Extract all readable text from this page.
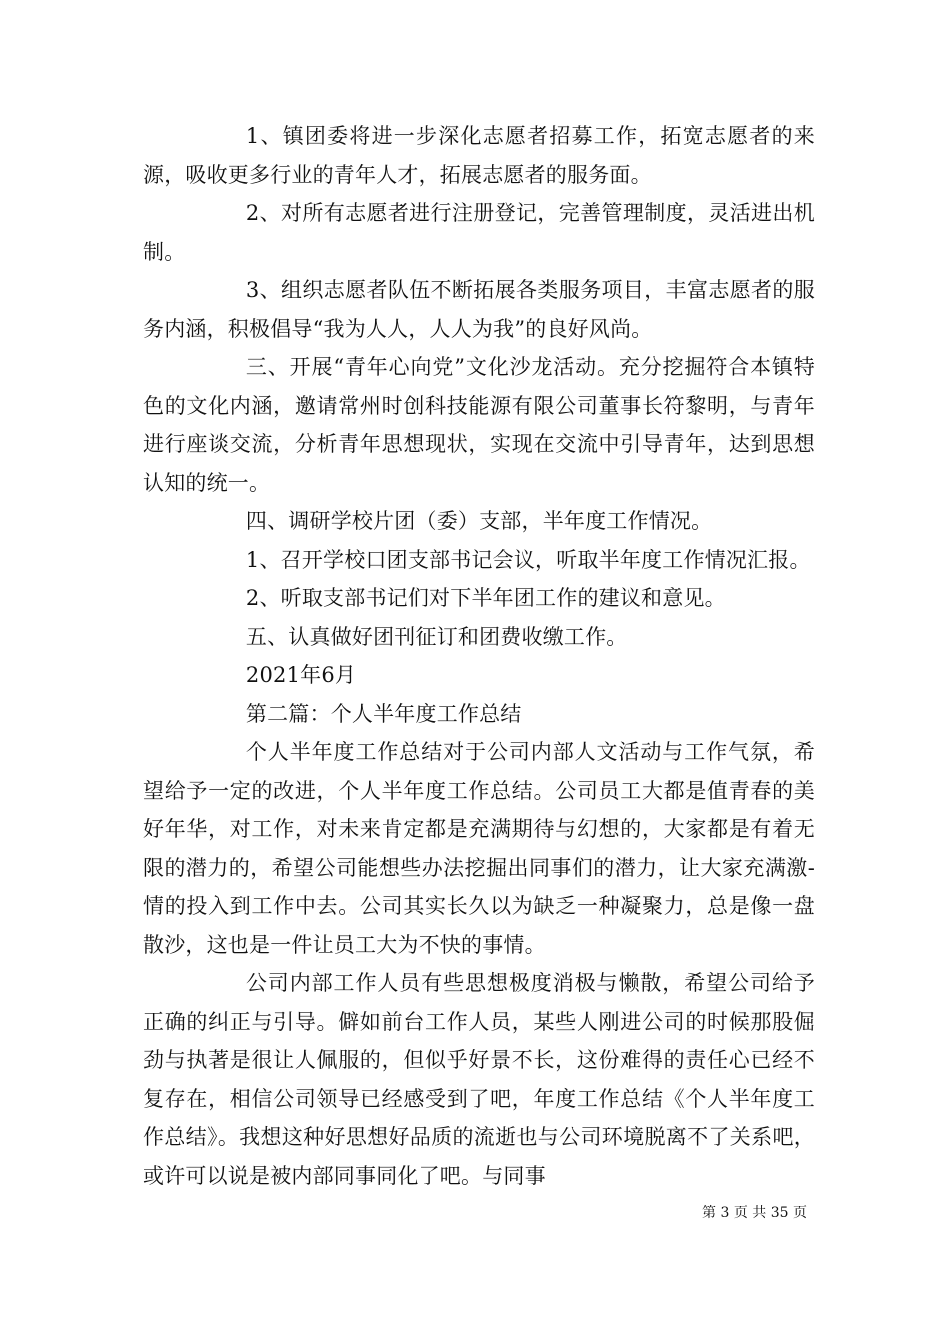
1、镇团委将进一步深化志愿者招募工作，拓宽志愿者的来源，吸收更多行业的青年人才，拓展志愿者的服务面。

2、对所有志愿者进行注册登记，完善管理制度，灵活进出机制。

3、组织志愿者队伍不断拓展各类服务项目，丰富志愿者的服务内涵，积极倡导“我为人人，人人为我”的良好风尚。

三、开展“青年心向党”文化沙龙活动。充分挖掘符合本镇特色的文化内涵，邀请常州时创科技能源有限公司董事长符黎明，与青年进行座谈交流，分析青年思想现状，实现在交流中引导青年，达到思想认知的统一。

四、调研学校片团（委）支部，半年度工作情况。

1、召开学校口团支部书记会议，听取半年度工作情况汇报。

2、听取支部书记们对下半年团工作的建议和意见。

五、认真做好团刊征订和团费收缴工作。

2021年6月

第二篇：个人半年度工作总结

个人半年度工作总结对于公司内部人文活动与工作气氛，希望给予一定的改进，个人半年度工作总结。公司员工大都是值青春的美好年华，对工作，对未来肯定都是充满期待与幻想的，大家都是有着无限的潜力的，希望公司能想些办法挖掘出同事们的潜力，让大家充满激-情的投入到工作中去。公司其实长久以为缺乏一种凝聚力，总是像一盘散沙，这也是一件让员工大为不快的事情。

公司内部工作人员有些思想极度消极与懒散，希望公司给予正确的纠正与引导。僻如前台工作人员，某些人刚进公司的时候那股倔劲与执著是很让人佩服的，但似乎好景不长，这份难得的责任心已经不复存在，相信公司领导已经感受到了吧，年度工作总结《个人半年度工作总结》。我想这种好思想好品质的流逝也与公司环境脱离不了关系吧，或许可以说是被内部同事同化了吧。与同事

第 3 页 共 35 页
